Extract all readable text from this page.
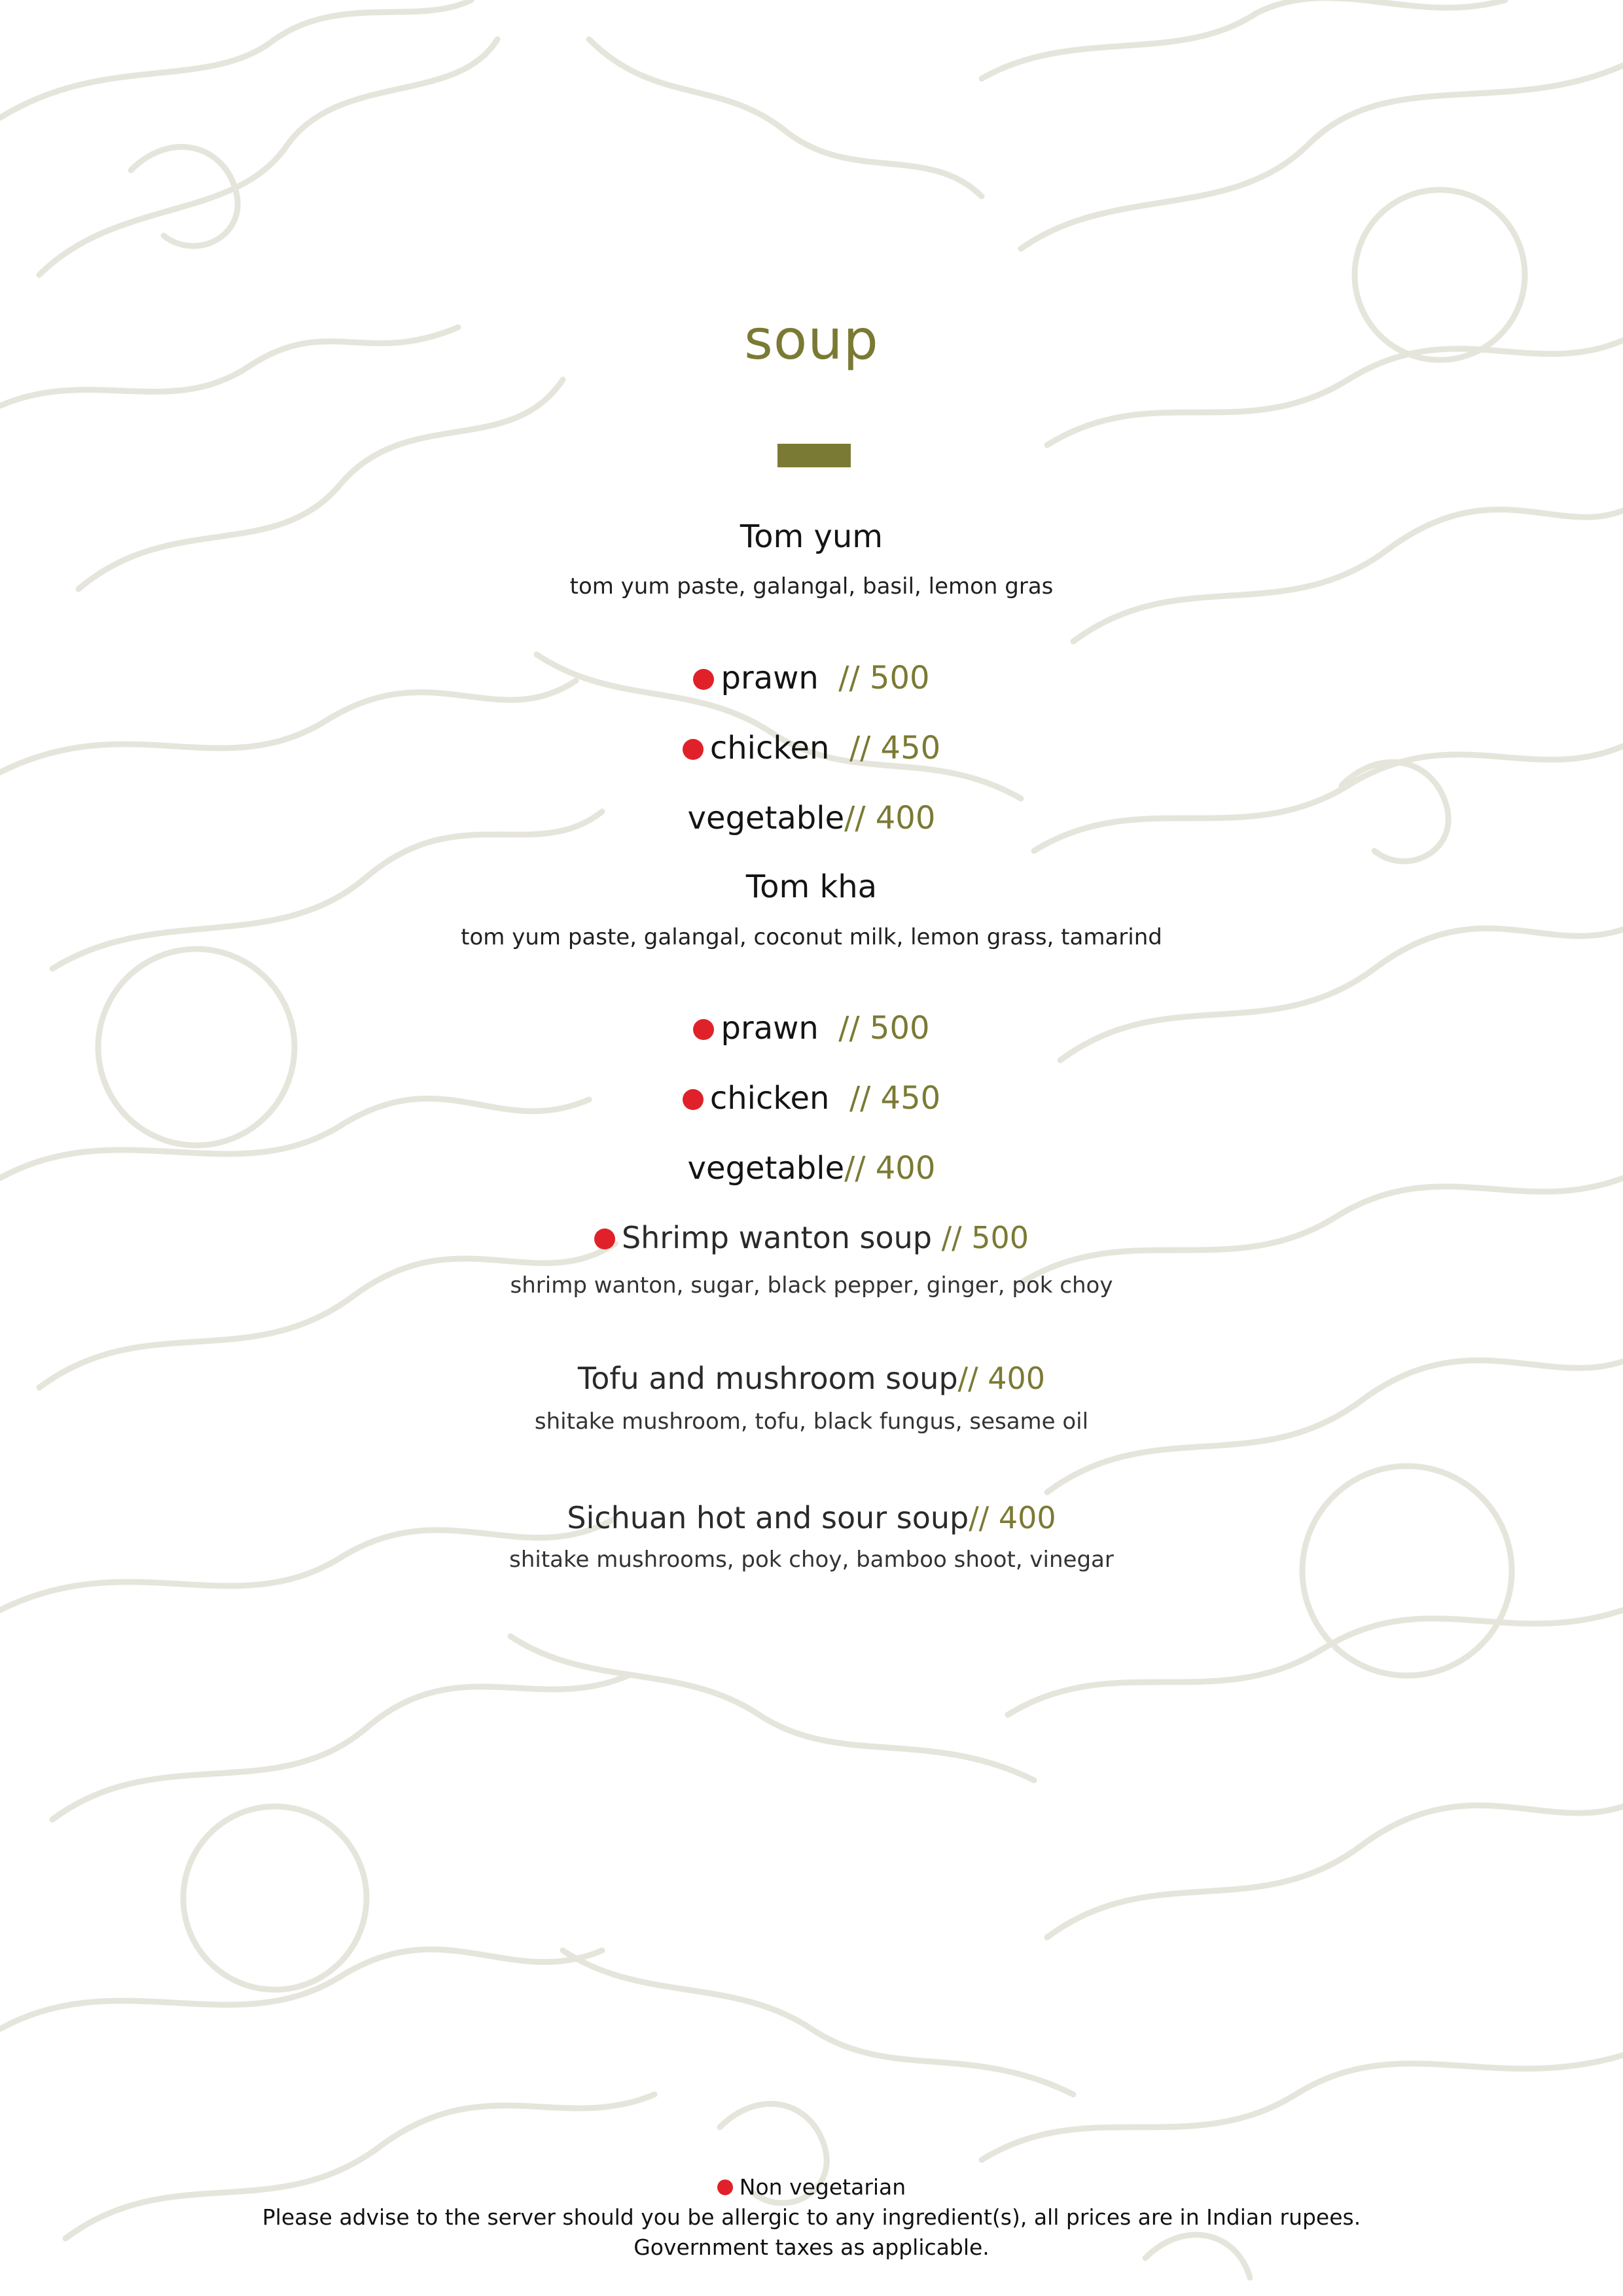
soup
Tom yum
tom yum paste, galangal, basil, lemon gras
prawn // 500
chicken // 450
vegetable// 400
Tom kha
tom yum paste, galangal, coconut milk, lemon grass, tamarind
prawn // 500
chicken // 450
vegetable// 400
Shrimp wanton soup // 500
shrimp wanton, sugar, black pepper, ginger, pok choy
Tofu and mushroom soup// 400
shitake mushroom, tofu, black fungus, sesame oil
Sichuan hot and sour soup// 400
shitake mushrooms, pok choy, bamboo shoot, vinegar
Non vegetarian
Please advise to the server should you be allergic to any ingredient(s), all prices are in Indian rupees.
Government taxes as applicable.
